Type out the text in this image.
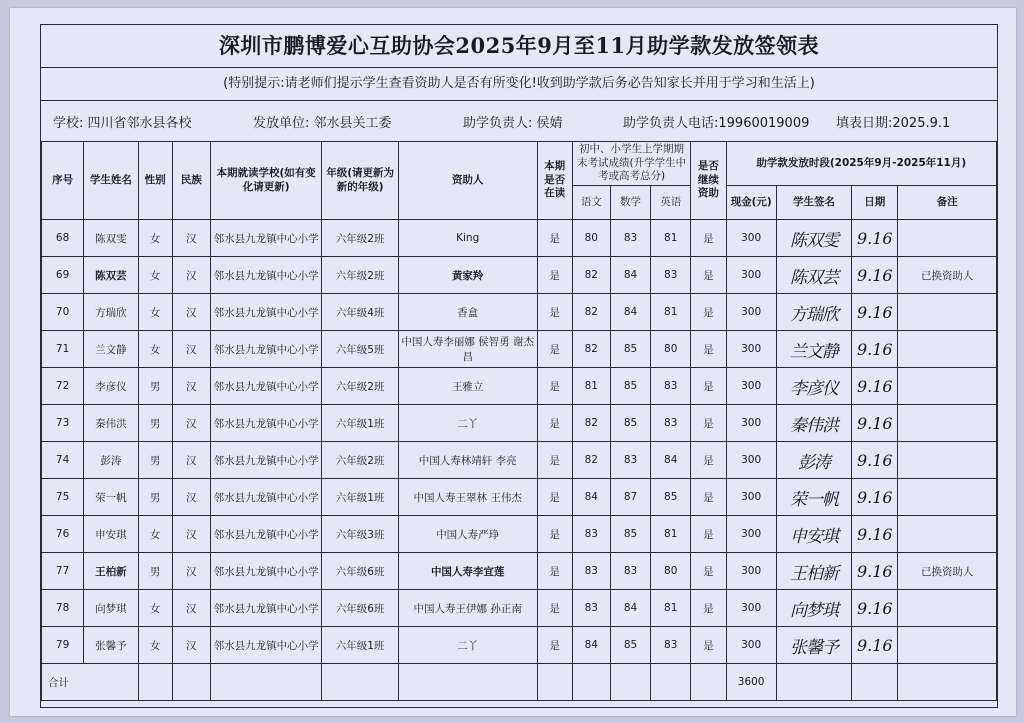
深圳市鹏博爱心互助协会2025年9月至11月助学款发放签领表
(特别提示:请老师们提示学生查看资助人是否有所变化!收到助学款后务必告知家长并用于学习和生活上)
学校: 四川省邻水县各校	发放单位: 邻水县关工委	助学负责人: 侯婧	助学负责人电话:19960019009 填表日期:2025.9.1
序号	学生姓名	性别	民族	本期就读学校(如有变化请更新)	年级(请更新为新的年级)	资助人	本期是否在读	初中、小学生上学期期末考试成绩(升学学生中考或高考总分)			是否继续资助	助学款发放时段(2025年9月-2025年11月)			
								语文	数学	英语		现金(元)	学生签名	日期	备注
68	陈双雯	女	汉	邻水县九龙镇中心小学	六年级2班	King	是	80	83	81	是	300	陈双雯	9.16	
69	陈双芸	女	汉	邻水县九龙镇中心小学	六年级2班	黄家羚	是	82	84	83	是	300	陈双芸	9.16	已换资助人
70	方瑞欣	女	汉	邻水县九龙镇中心小学	六年级4班	香盒	是	82	84	81	是	300	方瑞欣	9.16	
71	兰文静	女	汉	邻水县九龙镇中心小学	六年级5班	中国人寿李丽娜 侯智勇 谢杰昌	是	82	85	80	是	300	兰文静	9.16	
72	李彦仪	男	汉	邻水县九龙镇中心小学	六年级2班	王雅立	是	81	85	83	是	300	李彦仪	9.16	
73	秦伟洪	男	汉	邻水县九龙镇中心小学	六年级1班	二丫	是	82	85	83	是	300	秦伟洪	9.16	
74	彭涛	男	汉	邻水县九龙镇中心小学	六年级2班	中国人寿林靖轩 李亮	是	82	83	84	是	300	彭涛	9.16	
75	荣一帆	男	汉	邻水县九龙镇中心小学	六年级1班	中国人寿王翠林 王伟杰	是	84	87	85	是	300	荣一帆	9.16	
76	申安琪	女	汉	邻水县九龙镇中心小学	六年级3班	中国人寿严琤	是	83	85	81	是	300	申安琪	9.16	
77	王柏新	男	汉	邻水县九龙镇中心小学	六年级6班	中国人寿李宜莲	是	83	83	80	是	300	王柏新	9.16	已换资助人
78	向梦琪	女	汉	邻水县九龙镇中心小学	六年级6班	中国人寿王伊娜 孙正南	是	83	84	81	是	300	向梦琪	9.16	
79	张馨予	女	汉	邻水县九龙镇中心小学	六年级1班	二丫	是	84	85	83	是	300	张馨予	9.16	
合计												3600			
